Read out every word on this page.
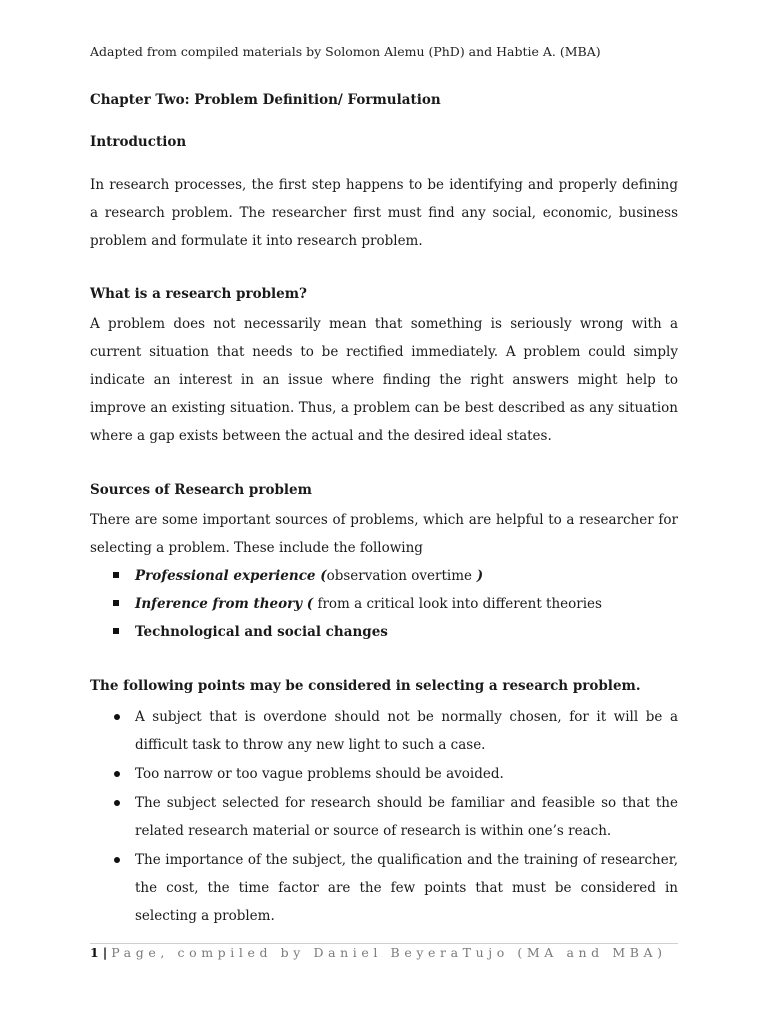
Adapted from compiled materials by Solomon Alemu (PhD) and Habtie A. (MBA)
Chapter Two: Problem Definition/ Formulation
Introduction
In research processes, the first step happens to be identifying and properly defining a research problem. The researcher first must find any social, economic, business problem and formulate it into research problem.
What is a research problem?
A problem does not necessarily mean that something is seriously wrong with a current situation that needs to be rectified immediately. A problem could simply indicate an interest in an issue where finding the right answers might help to improve an existing situation. Thus, a problem can be best described as any situation where a gap exists between the actual and the desired ideal states.
Sources of Research problem
There are some important sources of problems, which are helpful to a researcher for selecting a problem. These include the following
Professional experience (observation overtime )
Inference from theory ( from a critical look into different theories
Technological and social changes
The following points may be considered in selecting a research problem.
A subject that is overdone should not be normally chosen, for it will be a difficult task to throw any new light to such a case.
Too narrow or too vague problems should be avoided.
The subject selected for research should be familiar and feasible so that the related research material or source of research is within one’s reach.
The importance of the subject, the qualification and the training of researcher, the cost, the time factor are the few points that must be considered in selecting a problem.
1 | Page, compiled by Daniel BeyeraTujo (MA and MBA)
